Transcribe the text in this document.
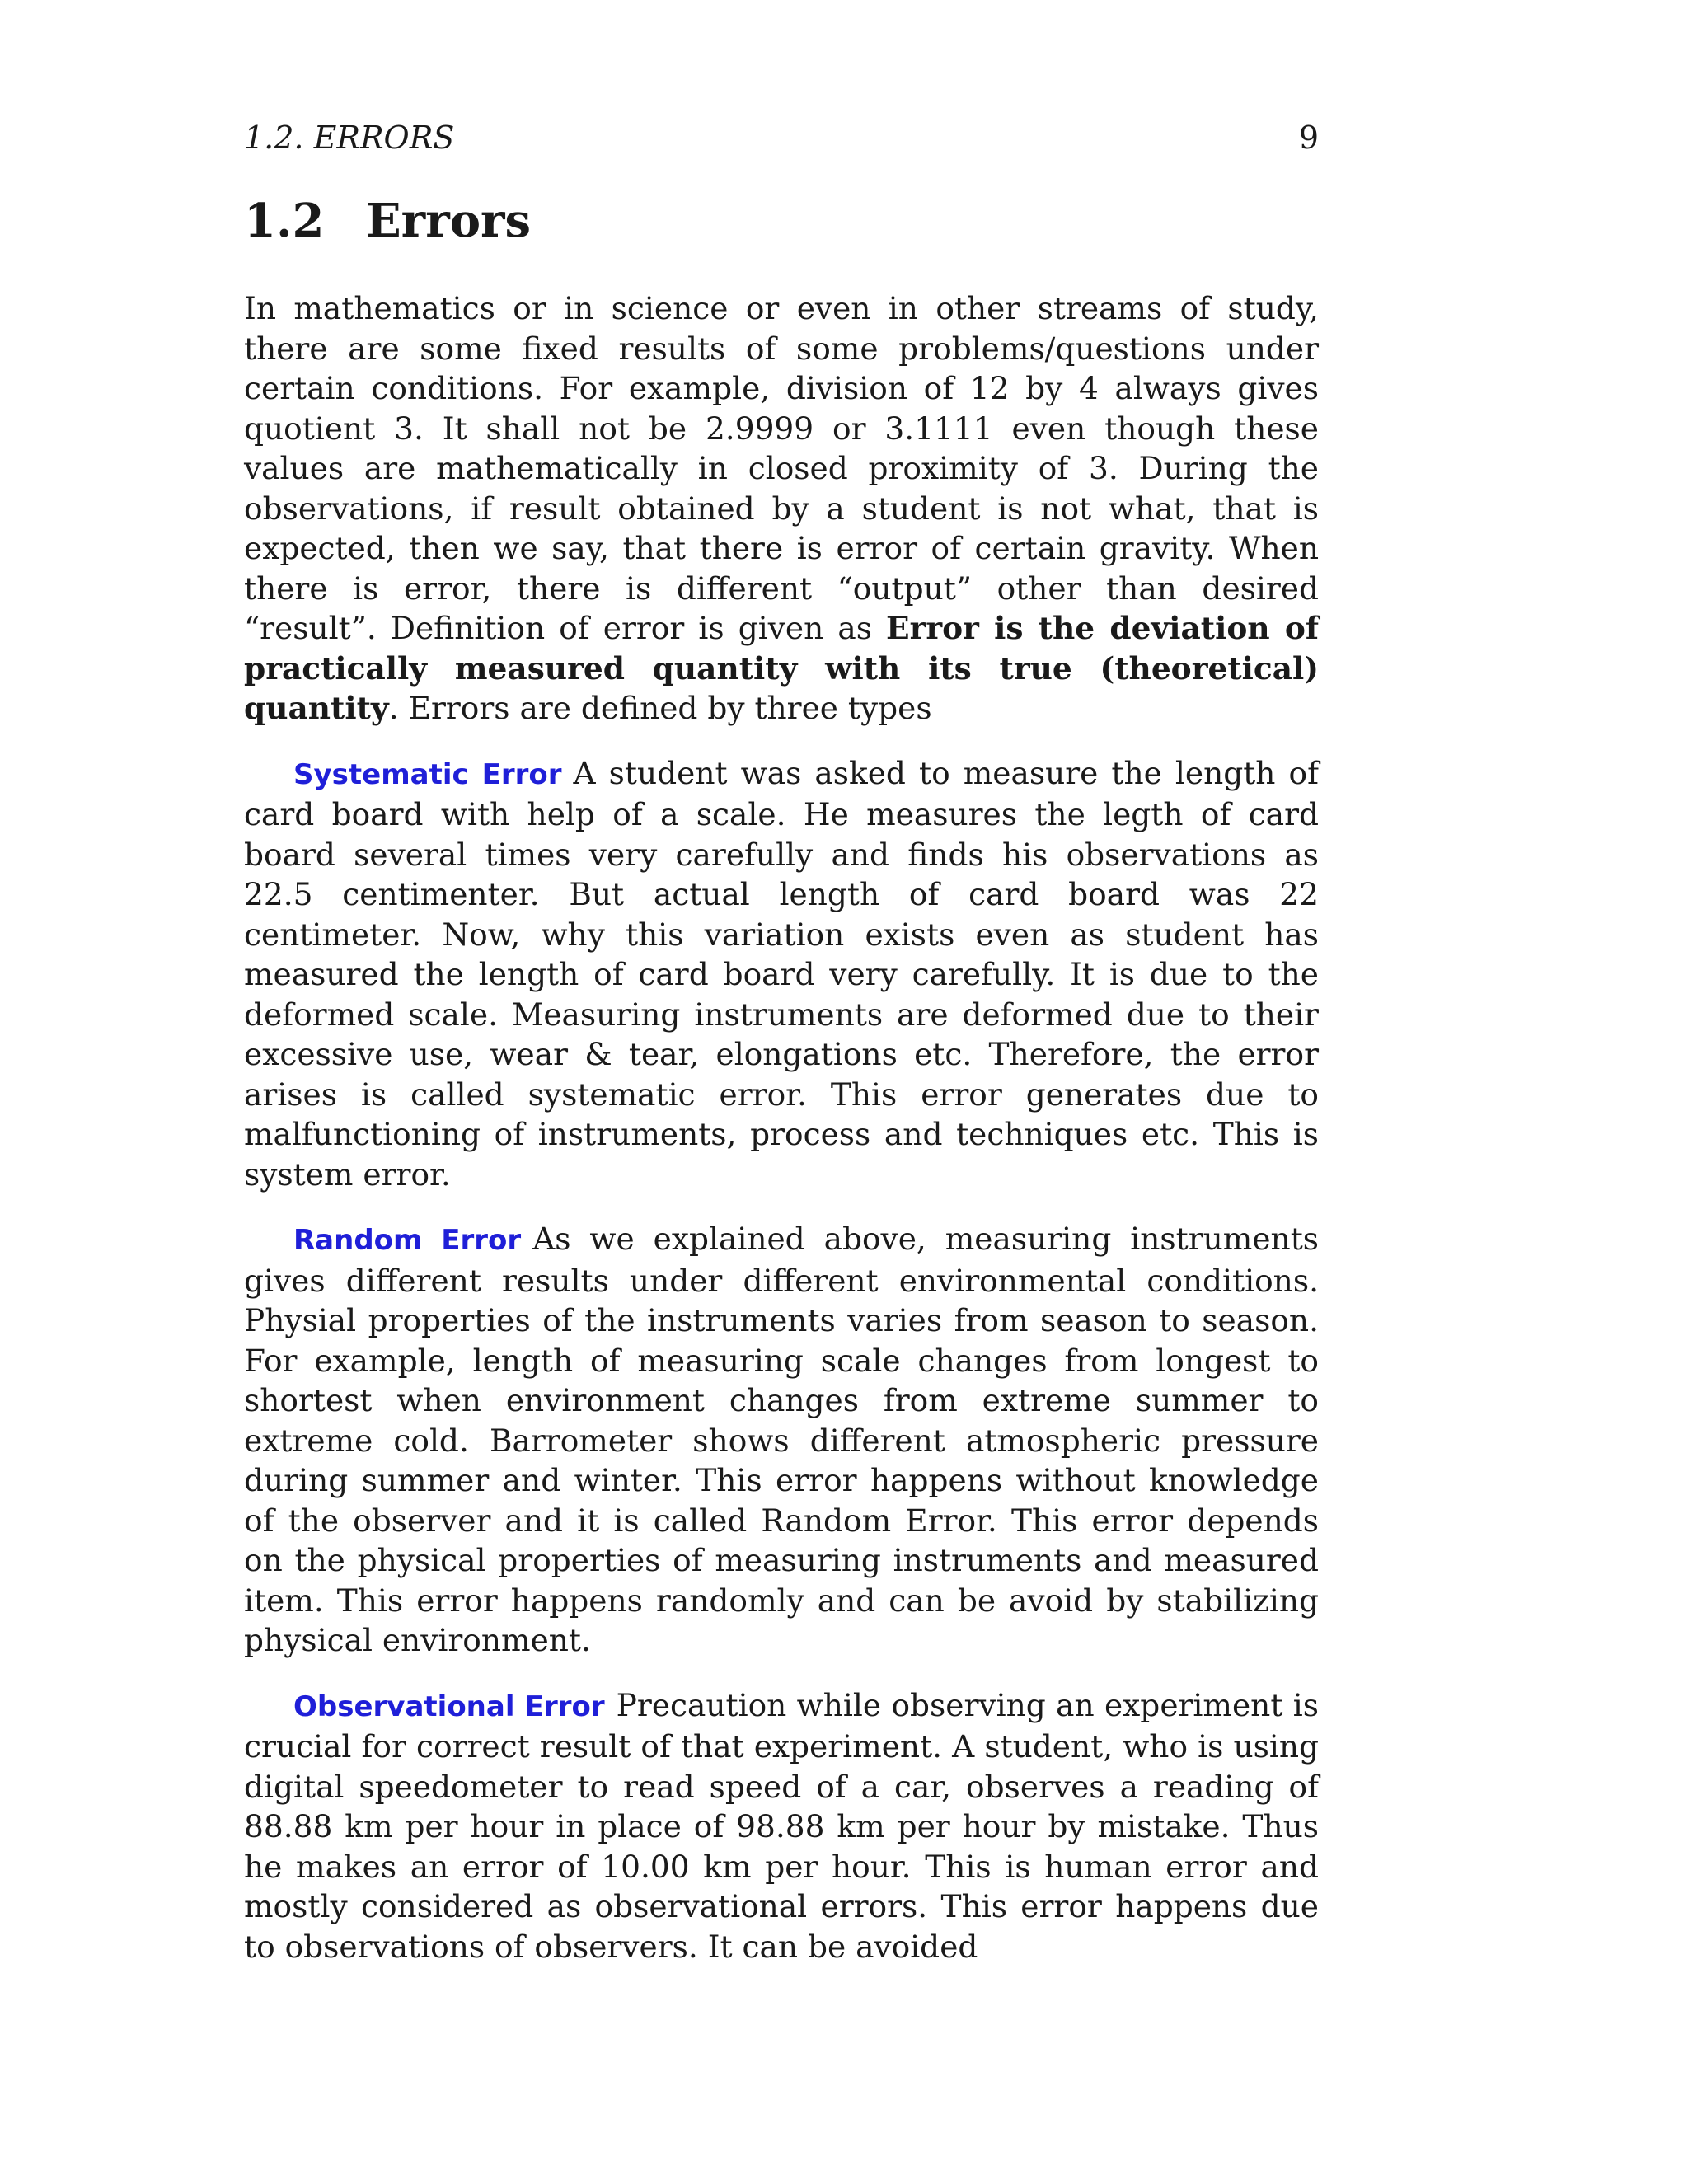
1.2. ERRORS	9
1.2 Errors

In mathematics or in science or even in other streams of study, there are some fixed results of some problems/questions under certain conditions. For example, division of 12 by 4 always gives quotient 3. It shall not be 2.9999 or 3.1111 even though these values are mathematically in closed proximity of 3. During the observations, if result obtained by a student is not what, that is expected, then we say, that there is error of certain gravity. When there is error, there is different “output” other than desired “result”. Definition of error is given as Error is the deviation of practically measured quantity with its true (theoretical) quantity. Errors are defined by three types

Systematic Error A student was asked to measure the length of card board with help of a scale. He measures the legth of card board several times very carefully and finds his observations as 22.5 centimenter. But actual length of card board was 22 centimeter. Now, why this variation exists even as student has measured the length of card board very carefully. It is due to the deformed scale. Measuring instruments are deformed due to their excessive use, wear & tear, elongations etc. Therefore, the error arises is called systematic error. This error generates due to malfunctioning of instruments, process and techniques etc. This is system error.

Random Error As we explained above, measuring instruments gives different results under different environmental conditions. Physial properties of the instruments varies from season to season. For example, length of measuring scale changes from longest to shortest when environment changes from extreme summer to extreme cold. Barrometer shows different atmospheric pressure during summer and winter. This error happens without knowledge of the observer and it is called Random Error. This error depends on the physical properties of measuring instruments and measured item. This error happens randomly and can be avoid by stabilizing physical environment.

Observational Error Precaution while observing an experiment is crucial for correct result of that experiment. A student, who is using digital speedometer to read speed of a car, observes a reading of 88.88 km per hour in place of 98.88 km per hour by mistake. Thus he makes an error of 10.00 km per hour. This is human error and mostly considered as observational errors. This error happens due to observations of observers. It can be avoided
